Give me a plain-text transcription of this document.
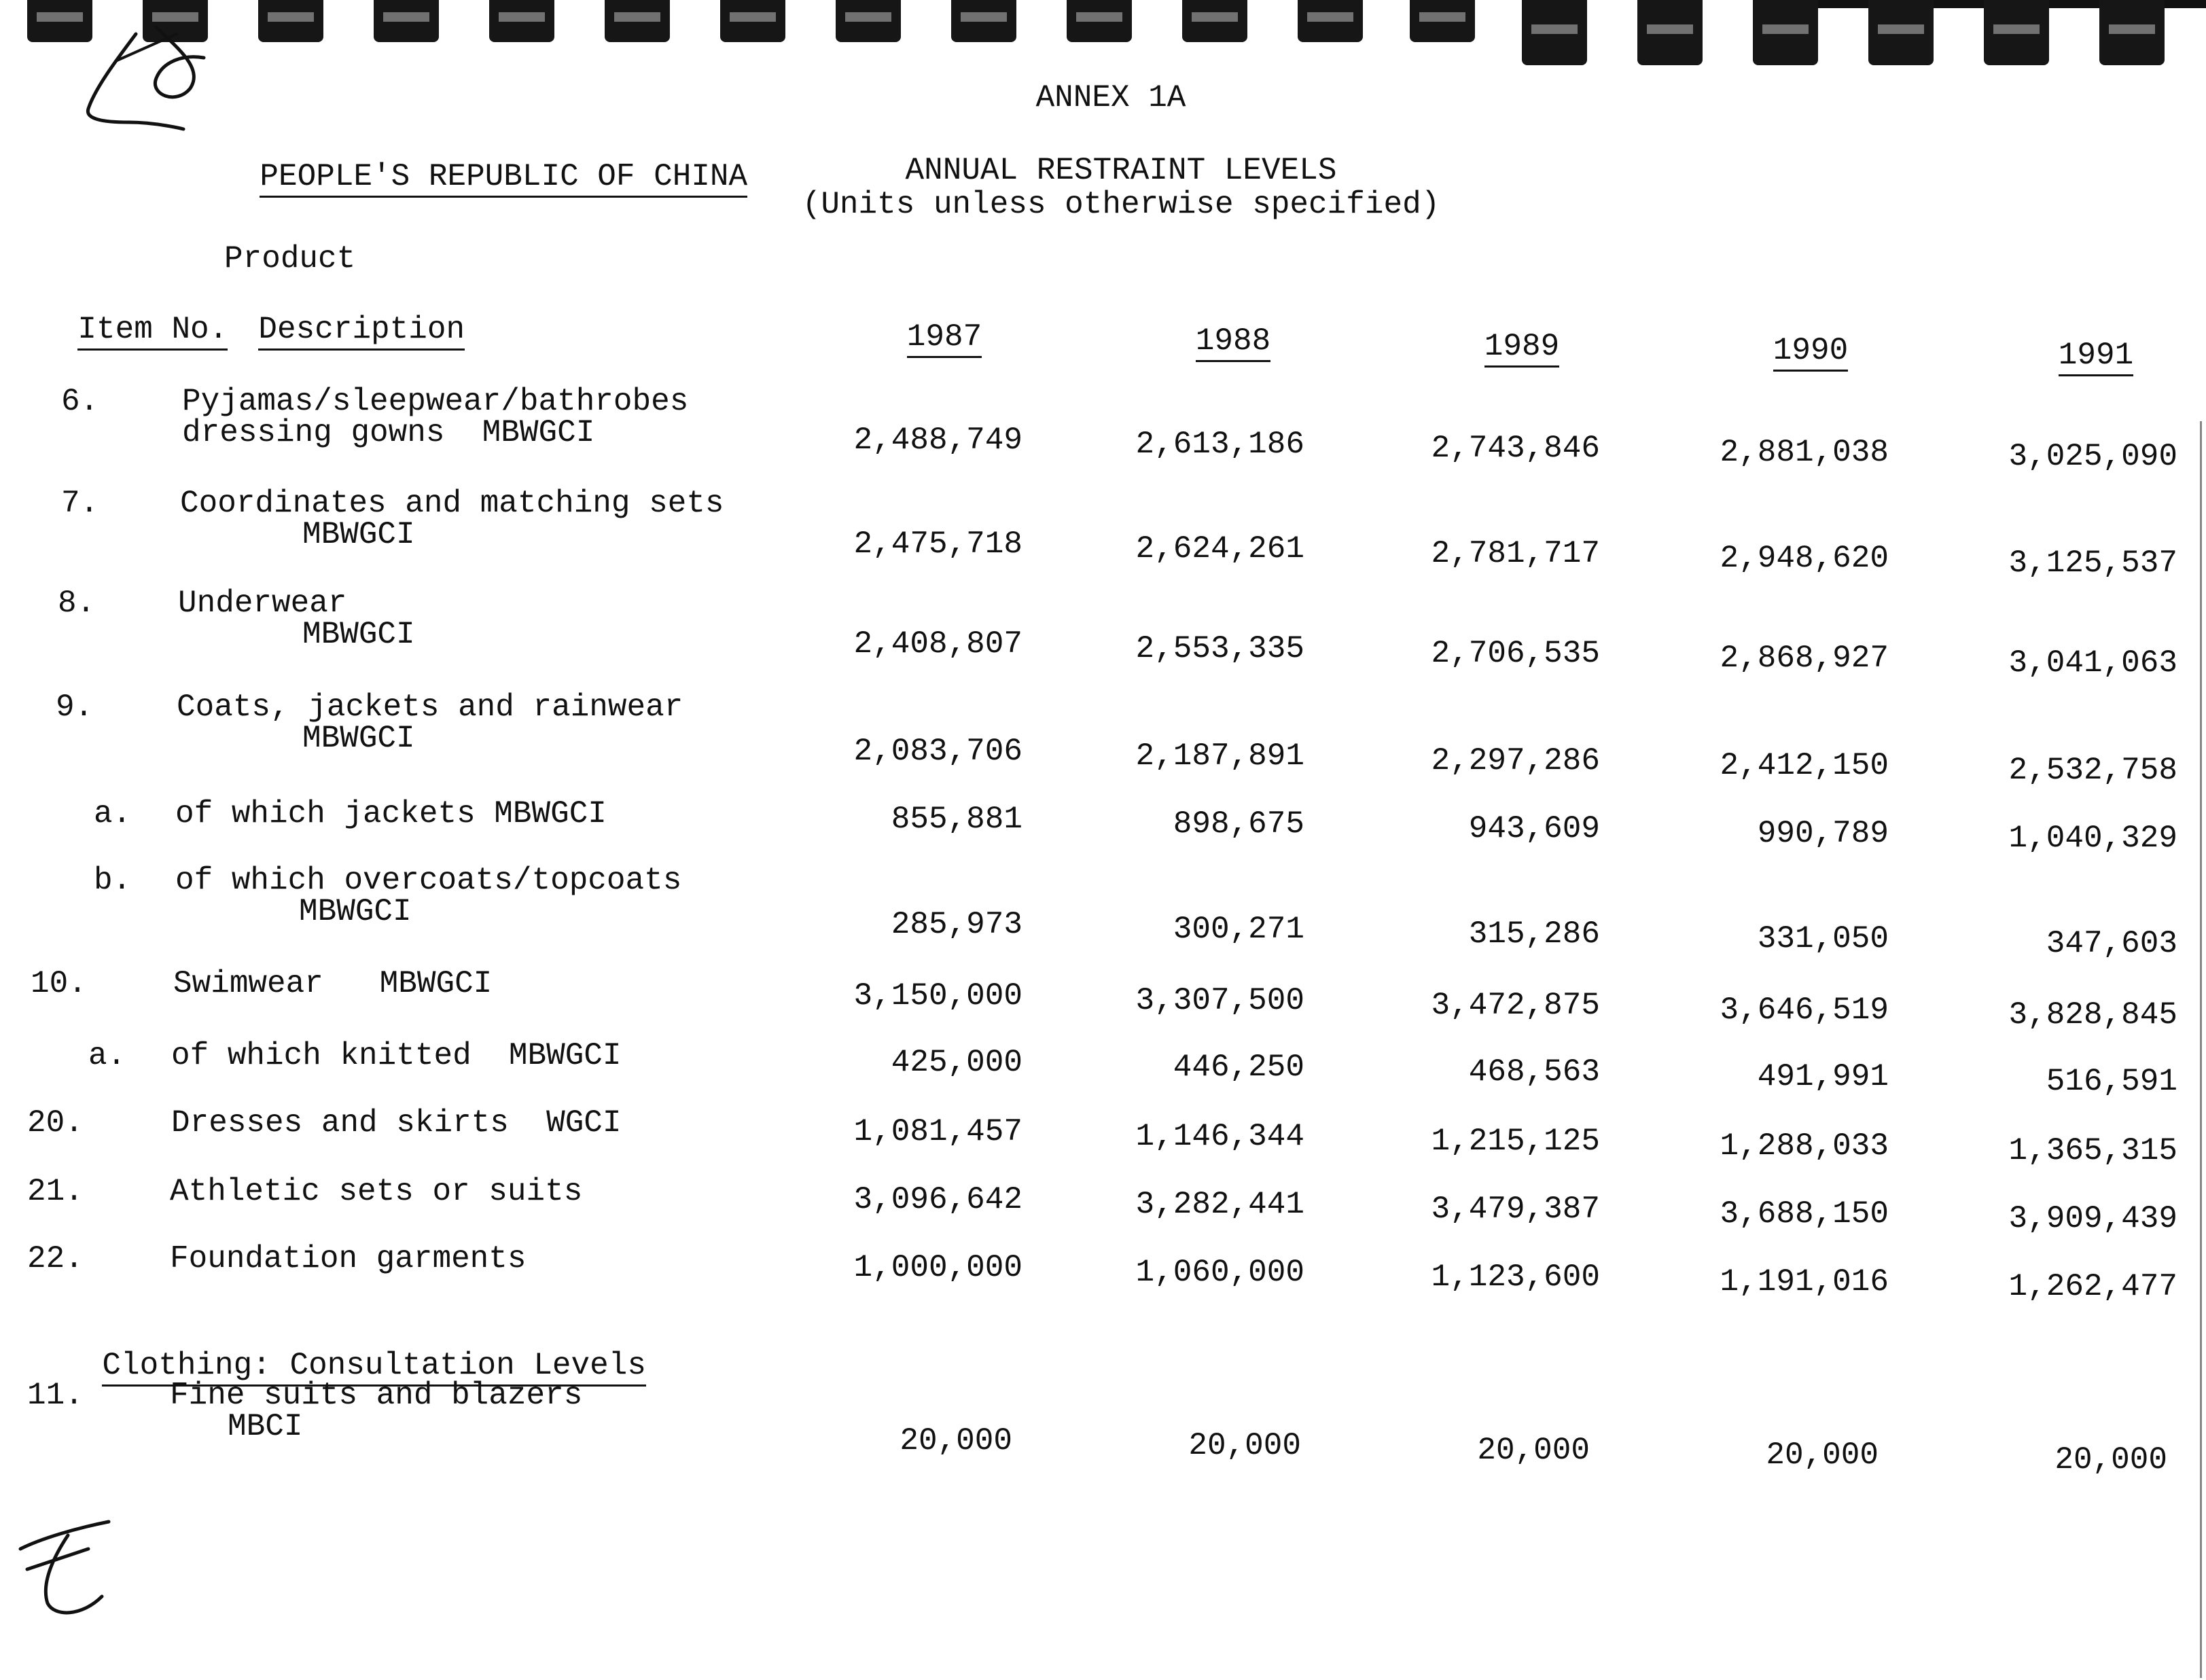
PEOPLE'S REPUBLIC OF CHINA

ANNEX 1A
ANNUAL RESTRAINT LEVELS
(Units unless otherwise specified)
Product

Item No.
Description
	1987	1988	1989	1990	1991
6.	Pyjamas/sleepwear/bathrobes
dressing gowns  MBWGCI	2,488,749	2,613,186	2,743,846	2,881,038	3,025,090
7.	Coordinates and matching sets
MBWGCI	2,475,718	2,624,261	2,781,717	2,948,620	3,125,537
8.	Underwear
MBWGCI	2,408,807	2,553,335	2,706,535	2,868,927	3,041,063
9.	Coats, jackets and rainwear
MBWGCI	2,083,706	2,187,891	2,297,286	2,412,150	2,532,758
a. of which jackets MBWGCI	855,881	898,675	943,609	990,789	1,040,329
b. of which overcoats/topcoats
MBWGCI	285,973	300,271	315,286	331,050	347,603
10.	Swimwear   MBWGCI	3,150,000	3,307,500	3,472,875	3,646,519	3,828,845
a. of which knitted  MBWGCI	425,000	446,250	468,563	491,991	516,591
20.	Dresses and skirts  WGCI	1,081,457	1,146,344	1,215,125	1,288,033	1,365,315
21.	Athletic sets or suits	3,096,642	3,282,441	3,479,387	3,688,150	3,909,439
22.	Foundation garments	1,000,000	1,060,000	1,123,600	1,191,016	1,262,477

Clothing: Consultation Levels

11.	Fine suits and blazers
MBCI	20,000	20,000	20,000	20,000	20,000
